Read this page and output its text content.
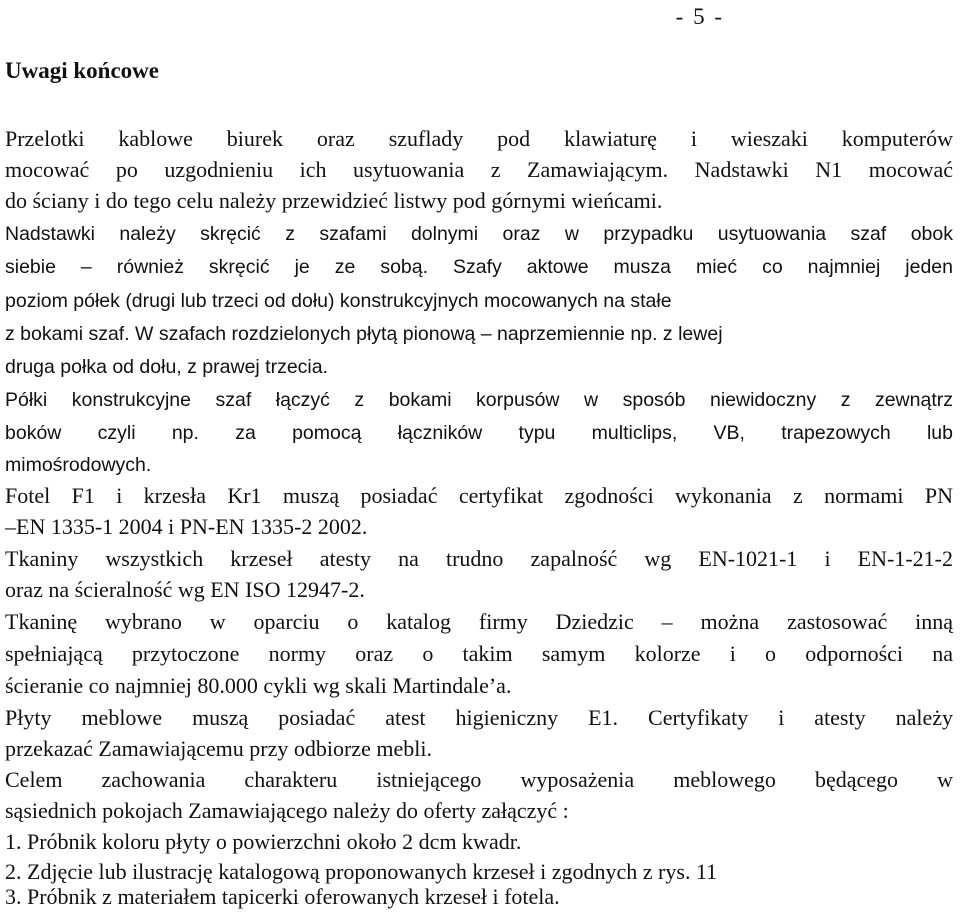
- 5 -
Uwagi końcowe
Przelotki kablowe biurek oraz szuflady pod klawiaturę i wieszaki komputerów
mocować po uzgodnieniu ich usytuowania z Zamawiającym. Nadstawki N1 mocować
do ściany i do tego celu należy przewidzieć listwy pod górnymi wieńcami.
Nadstawki należy skręcić z szafami dolnymi oraz w przypadku usytuowania szaf obok
siebie – również skręcić je ze sobą. Szafy aktowe musza mieć co najmniej jeden
poziom półek (drugi lub trzeci od dołu) konstrukcyjnych mocowanych na stałe
z bokami szaf. W szafach rozdzielonych płytą pionową – naprzemiennie np. z lewej
druga połka od dołu, z prawej trzecia.
Półki konstrukcyjne szaf łączyć z bokami korpusów w sposób niewidoczny z zewnątrz
boków czyli np. za pomocą łączników typu multiclips, VB, trapezowych lub
mimośrodowych.
Fotel F1 i krzesła Kr1 muszą posiadać certyfikat zgodności wykonania z normami PN
–EN 1335-1 2004 i PN-EN 1335-2 2002.
Tkaniny wszystkich krzeseł atesty na trudno zapalność wg EN-1021-1 i EN-1-21-2
oraz na ścieralność wg EN ISO 12947-2.
Tkaninę wybrano w oparciu o katalog firmy Dziedzic – można zastosować inną
spełniającą przytoczone normy oraz o takim samym kolorze i o odporności na
ścieranie co najmniej 80.000 cykli wg skali Martindale’a.
Płyty meblowe muszą posiadać atest higieniczny E1. Certyfikaty i atesty należy
przekazać Zamawiającemu przy odbiorze mebli.
Celem zachowania charakteru istniejącego wyposażenia meblowego będącego w
sąsiednich pokojach Zamawiającego należy do oferty załączyć :
1. Próbnik koloru płyty o powierzchni około 2 dcm kwadr.
2. Zdjęcie lub ilustrację katalogową proponowanych krzeseł i zgodnych z rys. 11
3. Próbnik z materiałem tapicerki oferowanych krzeseł i fotela.
